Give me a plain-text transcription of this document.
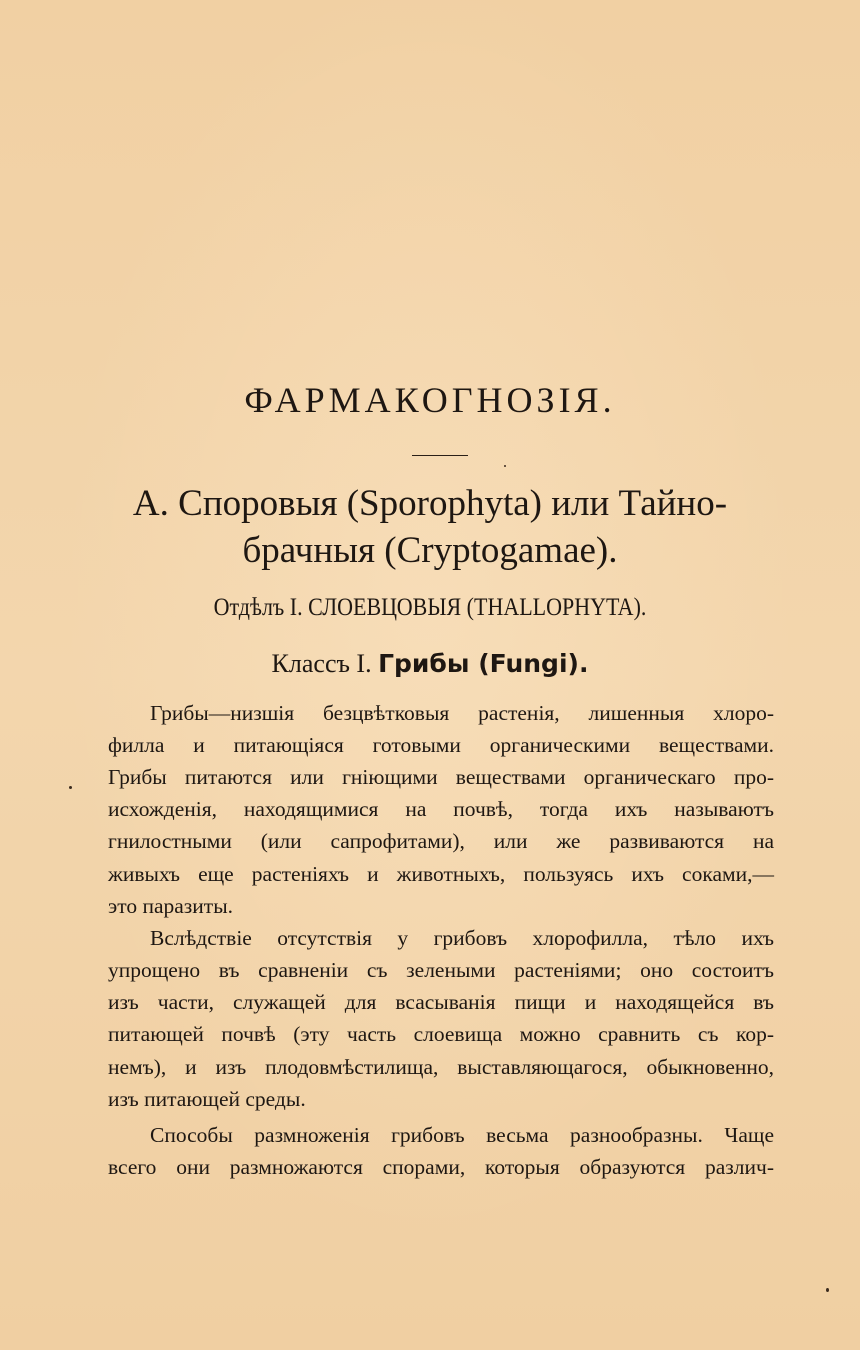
ФАРМАКОГНОЗІЯ.
А. Споровыя (Sporophyta) или Тайно-
брачныя (Cryptogamae).
Отдѣлъ I. СЛОЕВЦОВЫЯ (THALLOPHYTA).
Классъ I. Грибы (Fungi).
Грибы—низшія безцвѣтковыя растенія, лишенныя хлоро-
филла и питающіяся готовыми органическими веществами.
Грибы питаются или гніющими веществами органическаго про-
исхожденія, находящимися на почвѣ, тогда ихъ называютъ
гнилостными (или сапрофитами), или же развиваются на
живыхъ еще растеніяхъ и животныхъ, пользуясь ихъ соками,—
это паразиты.
Вслѣдствіе отсутствія у грибовъ хлорофилла, тѣло ихъ
упрощено въ сравненіи съ зелеными растеніями; оно состоитъ
изъ части, служащей для всасыванія пищи и находящейся въ
питающей почвѣ (эту часть слоевища можно сравнить съ кор-
немъ), и изъ плодовмѣстилища, выставляющагося, обыкновенно,
изъ питающей среды.
Способы размноженія грибовъ весьма разнообразны. Чаще
всего они размножаются спорами, которыя образуются различ-
